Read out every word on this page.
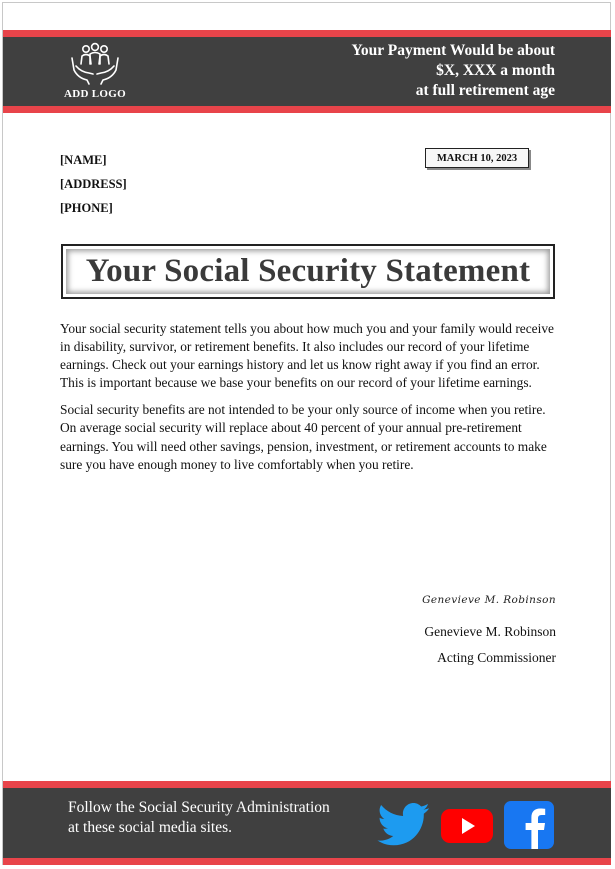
ADD LOGO
Your Payment Would be about
$X, XXX a month
at full retirement age
[NAME]
[ADDRESS]
[PHONE]
MARCH 10, 2023
Your Social Security Statement

Your social security statement tells you about how much you and your family would receive in disability, survivor, or retirement benefits. It also includes our record of your lifetime earnings. Check out your earnings history and let us know right away if you find an error. This is important because we base your benefits on our record of your lifetime earnings.

Social security benefits are not intended to be your only source of income when you retire. On average social security will replace about 40 percent of your annual pre-retirement earnings. You will need other savings, pension, investment, or retirement accounts to make sure you have enough money to live comfortably when you retire.

Genevieve M. Robinson
Genevieve M. Robinson
Acting Commissioner
Follow the Social Security Administration
at these social media sites.
